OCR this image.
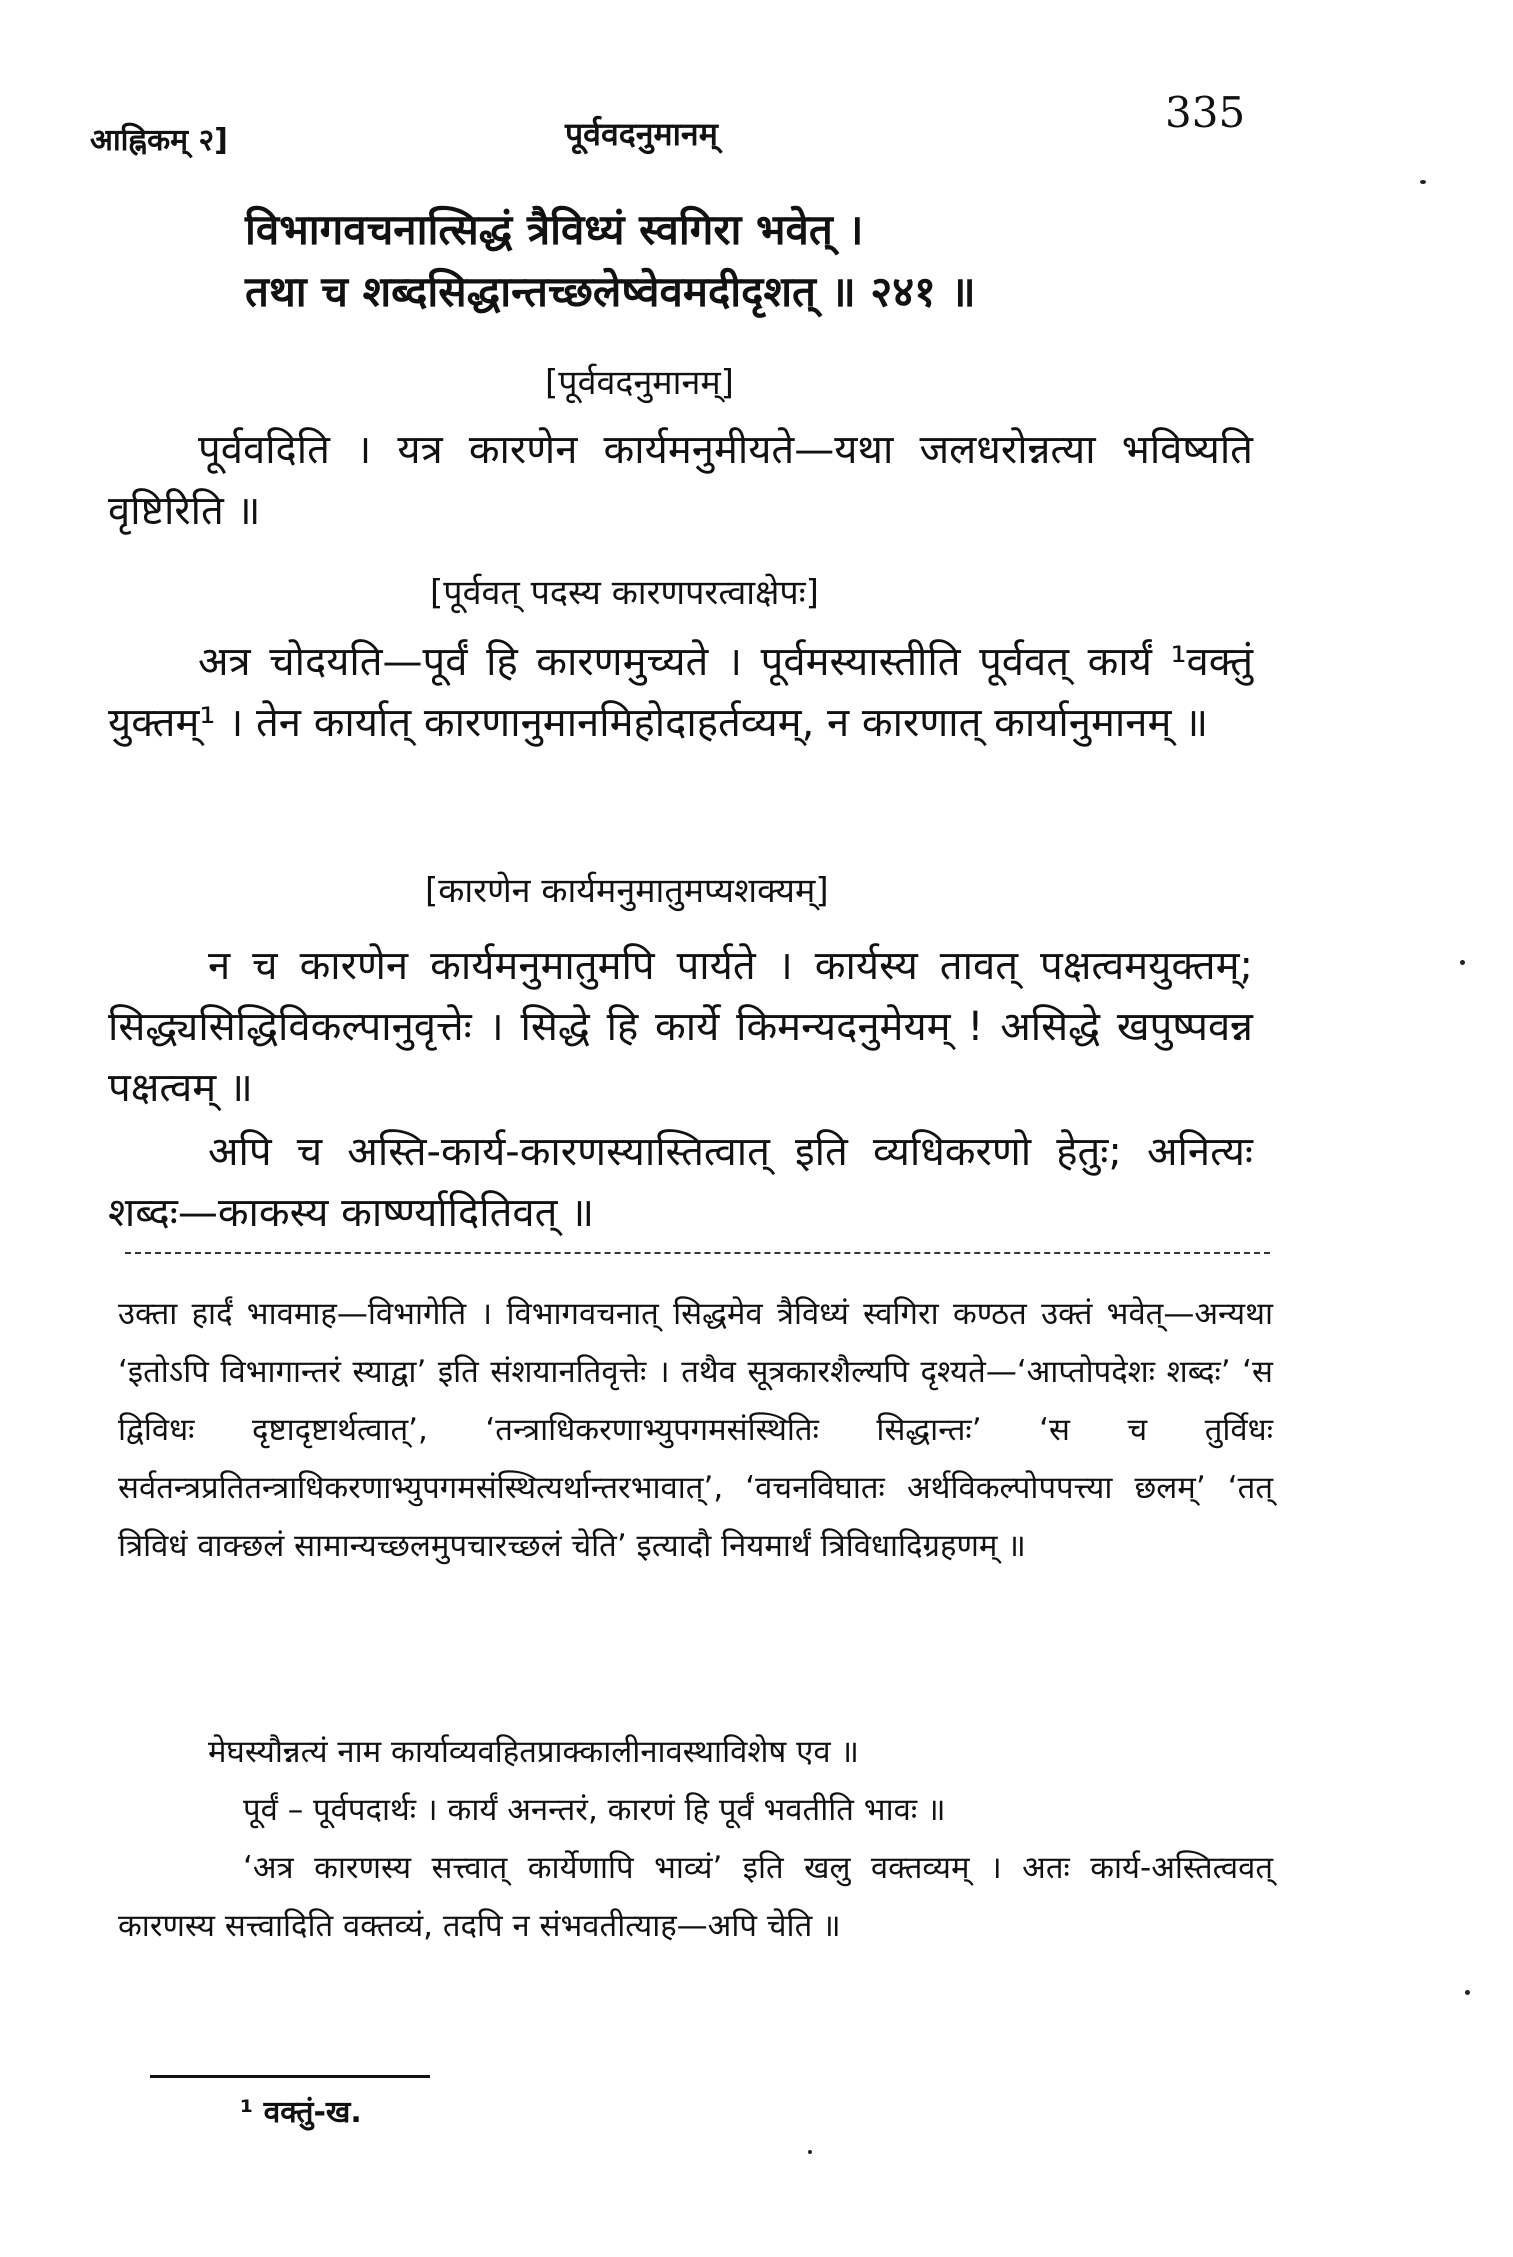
आह्निकम् २]	पूर्ववदनुमानम्	335
विभागवचनात्सिद्धं त्रैविध्यं स्वगिरा भवेत् ।
तथा च शब्दसिद्धान्तच्छलेष्वेवमदीदृशत् ॥ २४१ ॥
[पूर्ववदनुमानम्]

पूर्ववदिति । यत्र कारणेन कार्यमनुमीयते—यथा जलधरोन्नत्या भविष्यति वृष्टिरिति ॥

[पूर्ववत् पदस्य कारणपरत्वाक्षेपः]

अत्र चोदयति—पूर्वं हि कारणमुच्यते । पूर्वमस्यास्तीति पूर्ववत् कार्यं ¹वक्तुं युक्तम्¹ । तेन कार्यात् कारणानुमानमिहोदाहर्तव्यम्, न कारणात् कार्यानुमानम् ॥

[कारणेन कार्यमनुमातुमप्यशक्यम्]

न च कारणेन कार्यमनुमातुमपि पार्यते । कार्यस्य तावत् पक्षत्वमयुक्तम्; सिद्ध्यसिद्धिविकल्पानुवृत्तेः । सिद्धे हि कार्ये किमन्यदनुमेयम् ! असिद्धे खपुष्पवन्न पक्षत्वम् ॥

अपि च अस्ति-कार्य-कारणस्यास्तित्वात् इति व्यधिकरणो हेतुः; अनित्यः शब्दः—काकस्य कार्ष्ण्यादितिवत् ॥

उक्ता हार्दं भावमाह—विभागेति । विभागवचनात् सिद्धमेव त्रैविध्यं स्वगिरा कण्ठत उक्तं भवेत्—अन्यथा ‘इतोऽपि विभागान्तरं स्याद्वा’ इति संशयानतिवृत्तेः । तथैव सूत्रकारशैल्यपि दृश्यते—‘आप्तोपदेशः शब्दः’ ‘स द्विविधः दृष्टादृष्टार्थत्वात्’, ‘तन्त्राधिकरणाभ्युपगमसंस्थितिः सिद्धान्तः’ ‘स च तुर्विधः सर्वतन्त्रप्रतितन्त्राधिकरणाभ्युपगमसंस्थित्यर्थान्तरभावात्’, ‘वचनविघातः अर्थविकल्पोपपत्त्या छलम्’ ‘तत् त्रिविधं वाक्छलं सामान्यच्छलमुपचारच्छलं चेति’ इत्यादौ नियमार्थं त्रिविधादिग्रहणम् ॥

मेघस्यौन्नत्यं नाम कार्याव्यवहितप्राक्कालीनावस्थाविशेष एव ॥

पूर्वं – पूर्वपदार्थः । कार्यं अनन्तरं, कारणं हि पूर्वं भवतीति भावः ॥

‘अत्र कारणस्य सत्त्वात् कार्येणापि भाव्यं’ इति खलु वक्तव्यम् । अतः कार्य-अस्तित्ववत् कारणस्य सत्त्वादिति वक्तव्यं, तदपि न संभवतीत्याह—अपि चेति ॥

¹ वक्तुं-ख.
